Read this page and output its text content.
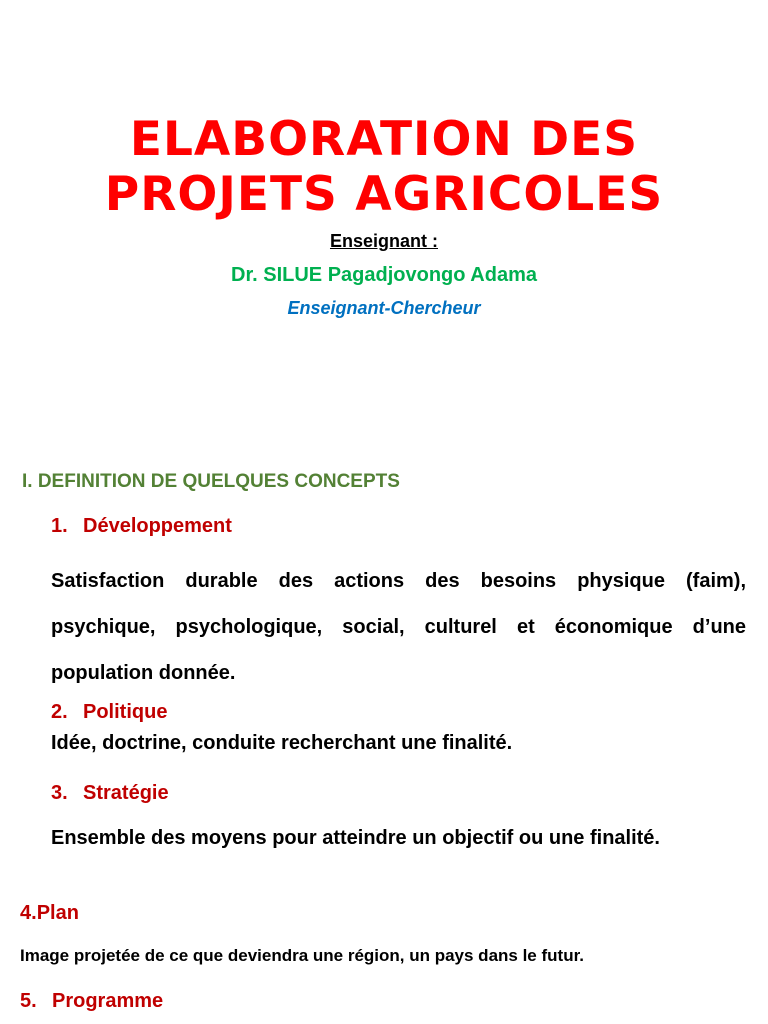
ELABORATION DES
PROJETS AGRICOLES
Enseignant :
Dr. SILUE Pagadjovongo Adama
Enseignant-Chercheur
I. DEFINITION DE QUELQUES CONCEPTS
1. Développement
Satisfaction durable des actions des besoins physique (faim),
psychique, psychologique, social, culturel et économique d’une
population donnée.
2. Politique
Idée, doctrine, conduite recherchant une finalité.
3. Stratégie
Ensemble des moyens pour atteindre un objectif ou une finalité.
4.Plan
Image projetée de ce que deviendra une région, un pays dans le futur.
5. Programme
